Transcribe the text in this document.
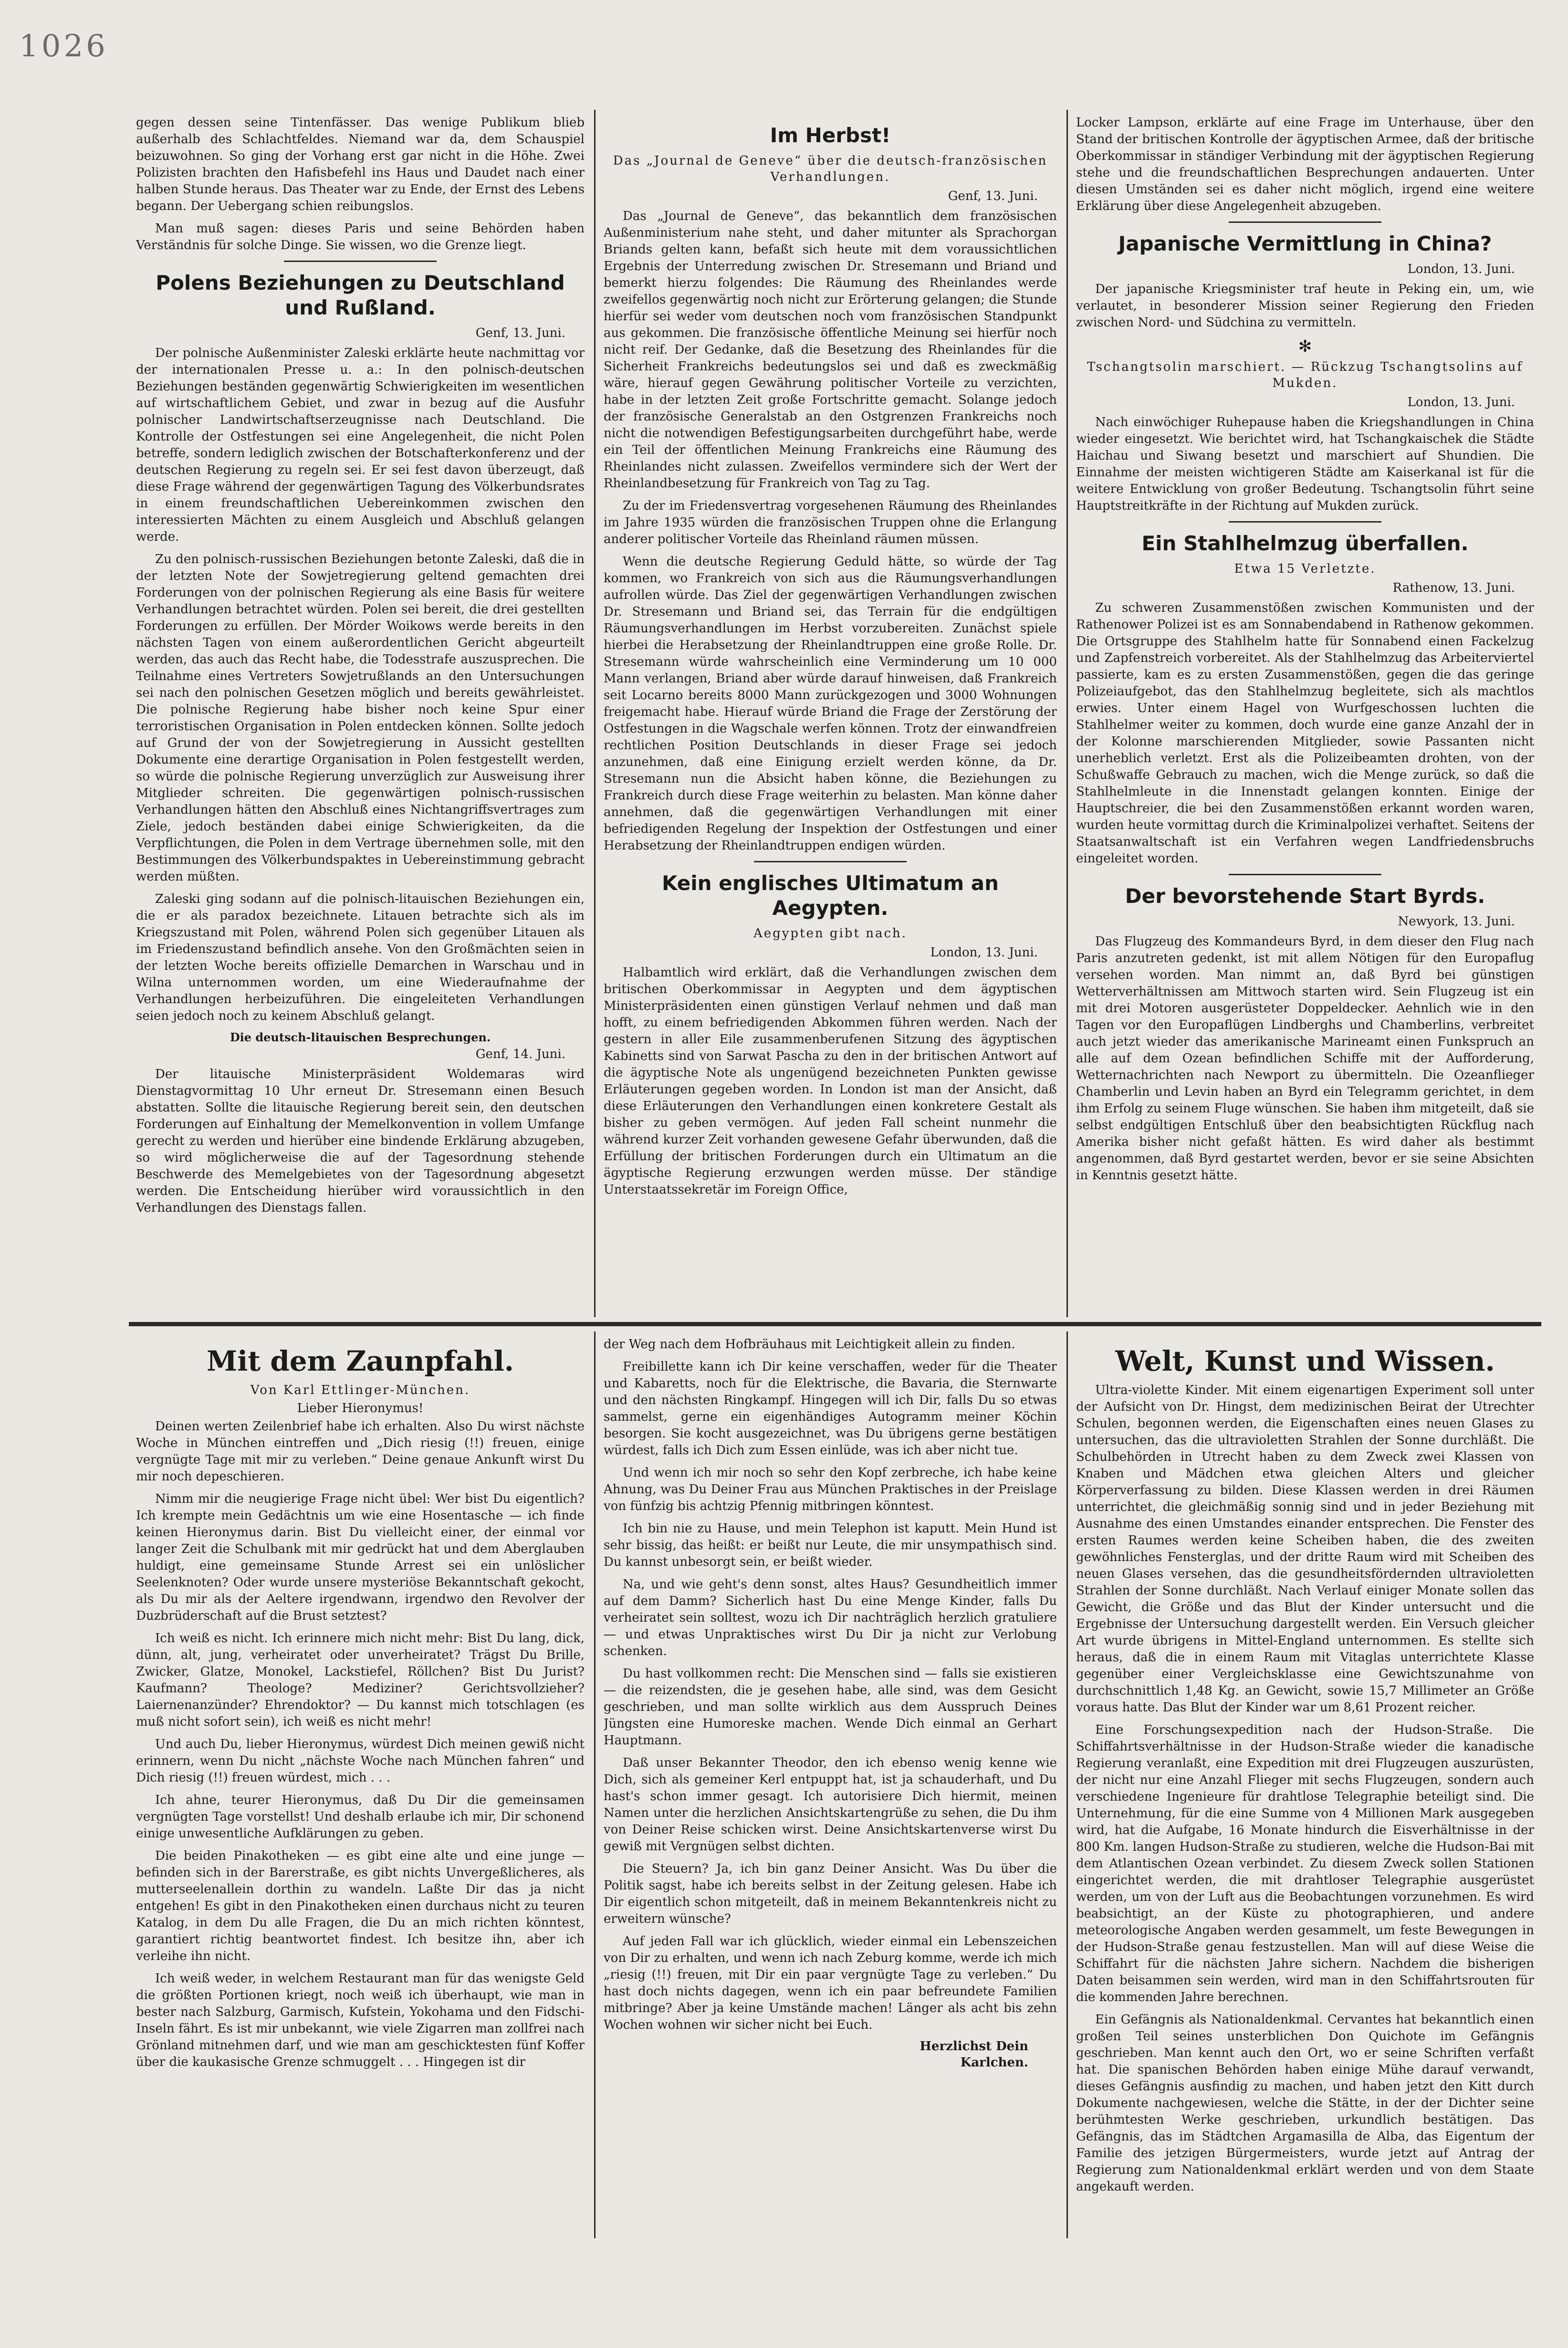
1026

gegen dessen seine Tintenfässer. Das wenige Publikum blieb außerhalb des Schlachtfeldes. Niemand war da, dem Schauspiel beizuwohnen. So ging der Vorhang erst gar nicht in die Höhe. Zwei Polizisten brachten den Hafisbefehl ins Haus und Daudet nach einer halben Stunde heraus. Das Theater war zu Ende, der Ernst des Lebens begann. Der Uebergang schien reibungslos.

Man muß sagen: dieses Paris und seine Behörden haben Verständnis für solche Dinge. Sie wissen, wo die Grenze liegt.

Polens Beziehungen zu Deutschland und Rußland.
Genf, 13. Juni.

Der polnische Außenminister Zaleski erklärte heute nachmittag vor der internationalen Presse u. a.: In den polnisch-deutschen Beziehungen beständen gegenwärtig Schwierigkeiten im wesentlichen auf wirtschaftlichem Gebiet, und zwar in bezug auf die Ausfuhr polnischer Landwirtschaftserzeugnisse nach Deutschland. Die Kontrolle der Ostfestungen sei eine Angelegenheit, die nicht Polen betreffe, sondern lediglich zwischen der Botschafterkonferenz und der deutschen Regierung zu regeln sei. Er sei fest davon überzeugt, daß diese Frage während der gegenwärtigen Tagung des Völkerbundsrates in einem freundschaftlichen Uebereinkommen zwischen den interessierten Mächten zu einem Ausgleich und Abschluß gelangen werde.

Zu den polnisch-russischen Beziehungen betonte Zaleski, daß die in der letzten Note der Sowjetregierung geltend gemachten drei Forderungen von der polnischen Regierung als eine Basis für weitere Verhandlungen betrachtet würden. Polen sei bereit, die drei gestellten Forderungen zu erfüllen. Der Mörder Woikows werde bereits in den nächsten Tagen von einem außerordentlichen Gericht abgeurteilt werden, das auch das Recht habe, die Todesstrafe auszusprechen. Die Teilnahme eines Vertreters Sowjetrußlands an den Untersuchungen sei nach den polnischen Gesetzen möglich und bereits gewährleistet. Die polnische Regierung habe bisher noch keine Spur einer terroristischen Organisation in Polen entdecken können. Sollte jedoch auf Grund der von der Sowjetregierung in Aussicht gestellten Dokumente eine derartige Organisation in Polen festgestellt werden, so würde die polnische Regierung unverzüglich zur Ausweisung ihrer Mitglieder schreiten. Die gegenwärtigen polnisch-russischen Verhandlungen hätten den Abschluß eines Nichtangriffsvertrages zum Ziele, jedoch beständen dabei einige Schwierigkeiten, da die Verpflichtungen, die Polen in dem Vertrage übernehmen solle, mit den Bestimmungen des Völkerbundspaktes in Uebereinstimmung gebracht werden müßten.

Zaleski ging sodann auf die polnisch-litauischen Beziehungen ein, die er als paradox bezeichnete. Litauen betrachte sich als im Kriegszustand mit Polen, während Polen sich gegenüber Litauen als im Friedenszustand befindlich ansehe. Von den Großmächten seien in der letzten Woche bereits offizielle Demarchen in Warschau und in Wilna unternommen worden, um eine Wiederaufnahme der Verhandlungen herbeizuführen. Die eingeleiteten Verhandlungen seien jedoch noch zu keinem Abschluß gelangt.

Die deutsch-litauischen Besprechungen.
Genf, 14. Juni.

Der litauische Ministerpräsident Woldemaras wird Dienstagvormittag 10 Uhr erneut Dr. Stresemann einen Besuch abstatten. Sollte die litauische Regierung bereit sein, den deutschen Forderungen auf Einhaltung der Memelkonvention in vollem Umfange gerecht zu werden und hierüber eine bindende Erklärung abzugeben, so wird möglicherweise die auf der Tagesordnung stehende Beschwerde des Memelgebietes von der Tagesordnung abgesetzt werden. Die Entscheidung hierüber wird voraussichtlich in den Verhandlungen des Dienstags fallen.

Im Herbst!
Das „Journal de Geneve“ über die deutsch-französischen Verhandlungen.
Genf, 13. Juni.

Das „Journal de Geneve“, das bekanntlich dem französischen Außenministerium nahe steht, und daher mitunter als Sprachorgan Briands gelten kann, befaßt sich heute mit dem voraussichtlichen Ergebnis der Unterredung zwischen Dr. Stresemann und Briand und bemerkt hierzu folgendes: Die Räumung des Rheinlandes werde zweifellos gegenwärtig noch nicht zur Erörterung gelangen; die Stunde hierfür sei weder vom deutschen noch vom französischen Standpunkt aus gekommen. Die französische öffentliche Meinung sei hierfür noch nicht reif. Der Gedanke, daß die Besetzung des Rheinlandes für die Sicherheit Frankreichs bedeutungslos sei und daß es zweckmäßig wäre, hierauf gegen Gewährung politischer Vorteile zu verzichten, habe in der letzten Zeit große Fortschritte gemacht. Solange jedoch der französische Generalstab an den Ostgrenzen Frankreichs noch nicht die notwendigen Befestigungsarbeiten durchgeführt habe, werde ein Teil der öffentlichen Meinung Frankreichs eine Räumung des Rheinlandes nicht zulassen. Zweifellos vermindere sich der Wert der Rheinlandbesetzung für Frankreich von Tag zu Tag.

Zu der im Friedensvertrag vorgesehenen Räumung des Rheinlandes im Jahre 1935 würden die französischen Truppen ohne die Erlangung anderer politischer Vorteile das Rheinland räumen müssen.

Wenn die deutsche Regierung Geduld hätte, so würde der Tag kommen, wo Frankreich von sich aus die Räumungsverhandlungen aufrollen würde. Das Ziel der gegenwärtigen Verhandlungen zwischen Dr. Stresemann und Briand sei, das Terrain für die endgültigen Räumungsverhandlungen im Herbst vorzubereiten. Zunächst spiele hierbei die Herabsetzung der Rheinlandtruppen eine große Rolle. Dr. Stresemann würde wahrscheinlich eine Verminderung um 10 000 Mann verlangen, Briand aber würde darauf hinweisen, daß Frankreich seit Locarno bereits 8000 Mann zurückgezogen und 3000 Wohnungen freigemacht habe. Hierauf würde Briand die Frage der Zerstörung der Ostfestungen in die Wagschale werfen können. Trotz der einwandfreien rechtlichen Position Deutschlands in dieser Frage sei jedoch anzunehmen, daß eine Einigung erzielt werden könne, da Dr. Stresemann nun die Absicht haben könne, die Beziehungen zu Frankreich durch diese Frage weiterhin zu belasten. Man könne daher annehmen, daß die gegenwärtigen Verhandlungen mit einer befriedigenden Regelung der Inspektion der Ostfestungen und einer Herabsetzung der Rheinlandtruppen endigen würden.

Kein englisches Ultimatum an Aegypten.
Aegypten gibt nach.
London, 13. Juni.

Halbamtlich wird erklärt, daß die Verhandlungen zwischen dem britischen Oberkommissar in Aegypten und dem ägyptischen Ministerpräsidenten einen günstigen Verlauf nehmen und daß man hofft, zu einem befriedigenden Abkommen führen werden. Nach der gestern in aller Eile zusammenberufenen Sitzung des ägyptischen Kabinetts sind von Sarwat Pascha zu den in der britischen Antwort auf die ägyptische Note als ungenügend bezeichneten Punkten gewisse Erläuterungen gegeben worden. In London ist man der Ansicht, daß diese Erläuterungen den Verhandlungen einen konkretere Gestalt als bisher zu geben vermögen. Auf jeden Fall scheint nunmehr die während kurzer Zeit vorhanden gewesene Gefahr überwunden, daß die Erfüllung der britischen Forderungen durch ein Ultimatum an die ägyptische Regierung erzwungen werden müsse. Der ständige Unterstaatssekretär im Foreign Office,

Locker Lampson, erklärte auf eine Frage im Unterhause, über den Stand der britischen Kontrolle der ägyptischen Armee, daß der britische Oberkommissar in ständiger Verbindung mit der ägyptischen Regierung stehe und die freundschaftlichen Besprechungen andauerten. Unter diesen Umständen sei es daher nicht möglich, irgend eine weitere Erklärung über diese Angelegenheit abzugeben.

Japanische Vermittlung in China?
London, 13. Juni.

Der japanische Kriegsminister traf heute in Peking ein, um, wie verlautet, in besonderer Mission seiner Regierung den Frieden zwischen Nord- und Südchina zu vermitteln.

✻
Tschangtsolin marschiert. — Rückzug Tschangtsolins auf Mukden.
London, 13. Juni.

Nach einwöchiger Ruhepause haben die Kriegshandlungen in China wieder eingesetzt. Wie berichtet wird, hat Tschangkaischek die Städte Haichau und Siwang besetzt und marschiert auf Shundien. Die Einnahme der meisten wichtigeren Städte am Kaiserkanal ist für die weitere Entwicklung von großer Bedeutung. Tschangtsolin führt seine Hauptstreitkräfte in der Richtung auf Mukden zurück.

Ein Stahlhelmzug überfallen.
Etwa 15 Verletzte.
Rathenow, 13. Juni.

Zu schweren Zusammenstößen zwischen Kommunisten und der Rathenower Polizei ist es am Sonnabendabend in Rathenow gekommen. Die Ortsgruppe des Stahlhelm hatte für Sonnabend einen Fackelzug und Zapfenstreich vorbereitet. Als der Stahlhelmzug das Arbeiterviertel passierte, kam es zu ersten Zusammenstößen, gegen die das geringe Polizeiaufgebot, das den Stahlhelmzug begleitete, sich als machtlos erwies. Unter einem Hagel von Wurfgeschossen luchten die Stahlhelmer weiter zu kommen, doch wurde eine ganze Anzahl der in der Kolonne marschierenden Mitglieder, sowie Passanten nicht unerheblich verletzt. Erst als die Polizeibeamten drohten, von der Schußwaffe Gebrauch zu machen, wich die Menge zurück, so daß die Stahlhelmleute in die Innenstadt gelangen konnten. Einige der Hauptschreier, die bei den Zusammenstößen erkannt worden waren, wurden heute vormittag durch die Kriminalpolizei verhaftet. Seitens der Staatsanwaltschaft ist ein Verfahren wegen Landfriedensbruchs eingeleitet worden.

Der bevorstehende Start Byrds.
Newyork, 13. Juni.

Das Flugzeug des Kommandeurs Byrd, in dem dieser den Flug nach Paris anzutreten gedenkt, ist mit allem Nötigen für den Europaflug versehen worden. Man nimmt an, daß Byrd bei günstigen Wetterverhältnissen am Mittwoch starten wird. Sein Flugzeug ist ein mit drei Motoren ausgerüsteter Doppeldecker. Aehnlich wie in den Tagen vor den Europaflügen Lindberghs und Chamberlins, verbreitet auch jetzt wieder das amerikanische Marineamt einen Funkspruch an alle auf dem Ozean befindlichen Schiffe mit der Aufforderung, Wetternachrichten nach Newport zu übermitteln. Die Ozeanflieger Chamberlin und Levin haben an Byrd ein Telegramm gerichtet, in dem ihm Erfolg zu seinem Fluge wünschen. Sie haben ihm mitgeteilt, daß sie selbst endgültigen Entschluß über den beabsichtigten Rückflug nach Amerika bisher nicht gefaßt hätten. Es wird daher als bestimmt angenommen, daß Byrd gestartet werden, bevor er sie seine Absichten in Kenntnis gesetzt hätte.

Mit dem Zaunpfahl.
Von Karl Ettlinger-München.
Lieber Hieronymus!

Deinen werten Zeilenbrief habe ich erhalten. Also Du wirst nächste Woche in München eintreffen und „Dich riesig (!!) freuen, einige vergnügte Tage mit mir zu verleben.“ Deine genaue Ankunft wirst Du mir noch depeschieren.

Nimm mir die neugierige Frage nicht übel: Wer bist Du eigentlich? Ich krempte mein Gedächtnis um wie eine Hosentasche — ich finde keinen Hieronymus darin. Bist Du vielleicht einer, der einmal vor langer Zeit die Schulbank mit mir gedrückt hat und dem Aberglauben huldigt, eine gemeinsame Stunde Arrest sei ein unlöslicher Seelenknoten? Oder wurde unsere mysteriöse Bekanntschaft gekocht, als Du mir als der Aeltere irgendwann, irgendwo den Revolver der Duzbrüderschaft auf die Brust setztest?

Ich weiß es nicht. Ich erinnere mich nicht mehr: Bist Du lang, dick, dünn, alt, jung, verheiratet oder unverheiratet? Trägst Du Brille, Zwicker, Glatze, Monokel, Lackstiefel, Röllchen? Bist Du Jurist? Kaufmann? Theologe? Mediziner? Gerichtsvollzieher? Laiernenanzünder? Ehrendoktor? — Du kannst mich totschlagen (es muß nicht sofort sein), ich weiß es nicht mehr!

Und auch Du, lieber Hieronymus, würdest Dich meinen gewiß nicht erinnern, wenn Du nicht „nächste Woche nach München fahren“ und Dich riesig (!!) freuen würdest, mich . . .

Ich ahne, teurer Hieronymus, daß Du Dir die gemeinsamen vergnügten Tage vorstellst! Und deshalb erlaube ich mir, Dir schonend einige unwesentliche Aufklärungen zu geben.

Die beiden Pinakotheken — es gibt eine alte und eine junge — befinden sich in der Barerstraße, es gibt nichts Unvergeßlicheres, als mutterseelenallein dorthin zu wandeln. Laßte Dir das ja nicht entgehen! Es gibt in den Pinakotheken einen durchaus nicht zu teuren Katalog, in dem Du alle Fragen, die Du an mich richten könntest, garantiert richtig beantwortet findest. Ich besitze ihn, aber ich verleihe ihn nicht.

Ich weiß weder, in welchem Restaurant man für das wenigste Geld die größten Portionen kriegt, noch weiß ich überhaupt, wie man in bester nach Salzburg, Garmisch, Kufstein, Yokohama und den Fidschi-Inseln fährt. Es ist mir unbekannt, wie viele Zigarren man zollfrei nach Grönland mitnehmen darf, und wie man am geschicktesten fünf Koffer über die kaukasische Grenze schmuggelt . . . Hingegen ist dir

der Weg nach dem Hofbräuhaus mit Leichtigkeit allein zu finden.

Freibillette kann ich Dir keine verschaffen, weder für die Theater und Kabaretts, noch für die Elektrische, die Bavaria, die Sternwarte und den nächsten Ringkampf. Hingegen will ich Dir, falls Du so etwas sammelst, gerne ein eigenhändiges Autogramm meiner Köchin besorgen. Sie kocht ausgezeichnet, was Du übrigens gerne bestätigen würdest, falls ich Dich zum Essen einlüde, was ich aber nicht tue.

Und wenn ich mir noch so sehr den Kopf zerbreche, ich habe keine Ahnung, was Du Deiner Frau aus München Praktisches in der Preislage von fünfzig bis achtzig Pfennig mitbringen könntest.

Ich bin nie zu Hause, und mein Telephon ist kaputt. Mein Hund ist sehr bissig, das heißt: er beißt nur Leute, die mir unsympathisch sind. Du kannst unbesorgt sein, er beißt wieder.

Na, und wie geht's denn sonst, altes Haus? Gesundheitlich immer auf dem Damm? Sicherlich hast Du eine Menge Kinder, falls Du verheiratet sein solltest, wozu ich Dir nachträglich herzlich gratuliere — und etwas Unpraktisches wirst Du Dir ja nicht zur Verlobung schenken.

Du hast vollkommen recht: Die Menschen sind — falls sie existieren — die reizendsten, die je gesehen habe, alle sind, was dem Gesicht geschrieben, und man sollte wirklich aus dem Ausspruch Deines Jüngsten eine Humoreske machen. Wende Dich einmal an Gerhart Hauptmann.

Daß unser Bekannter Theodor, den ich ebenso wenig kenne wie Dich, sich als gemeiner Kerl entpuppt hat, ist ja schauderhaft, und Du hast's schon immer gesagt. Ich autorisiere Dich hiermit, meinen Namen unter die herzlichen Ansichtskartengrüße zu sehen, die Du ihm von Deiner Reise schicken wirst. Deine Ansichtskartenverse wirst Du gewiß mit Vergnügen selbst dichten.

Die Steuern? Ja, ich bin ganz Deiner Ansicht. Was Du über die Politik sagst, habe ich bereits selbst in der Zeitung gelesen. Habe ich Dir eigentlich schon mitgeteilt, daß in meinem Bekanntenkreis nicht zu erweitern wünsche?

Auf jeden Fall war ich glücklich, wieder einmal ein Lebenszeichen von Dir zu erhalten, und wenn ich nach Zeburg komme, werde ich mich „riesig (!!) freuen, mit Dir ein paar vergnügte Tage zu verleben.“ Du hast doch nichts dagegen, wenn ich ein paar befreundete Familien mitbringe? Aber ja keine Umstände machen! Länger als acht bis zehn Wochen wohnen wir sicher nicht bei Euch.

Herzlichst Dein
Karlchen.
Welt, Kunst und Wissen.

Ultra-violette Kinder. Mit einem eigenartigen Experiment soll unter der Aufsicht von Dr. Hingst, dem medizinischen Beirat der Utrechter Schulen, begonnen werden, die Eigenschaften eines neuen Glases zu untersuchen, das die ultravioletten Strahlen der Sonne durchläßt. Die Schulbehörden in Utrecht haben zu dem Zweck zwei Klassen von Knaben und Mädchen etwa gleichen Alters und gleicher Körperverfassung zu bilden. Diese Klassen werden in drei Räumen unterrichtet, die gleichmäßig sonnig sind und in jeder Beziehung mit Ausnahme des einen Umstandes einander entsprechen. Die Fenster des ersten Raumes werden keine Scheiben haben, die des zweiten gewöhnliches Fensterglas, und der dritte Raum wird mit Scheiben des neuen Glases versehen, das die gesundheitsfördernden ultravioletten Strahlen der Sonne durchläßt. Nach Verlauf einiger Monate sollen das Gewicht, die Größe und das Blut der Kinder untersucht und die Ergebnisse der Untersuchung dargestellt werden. Ein Versuch gleicher Art wurde übrigens in Mittel-England unternommen. Es stellte sich heraus, daß die in einem Raum mit Vitaglas unterrichtete Klasse gegenüber einer Vergleichsklasse eine Gewichtszunahme von durchschnittlich 1,48 Kg. an Gewicht, sowie 15,7 Millimeter an Größe voraus hatte. Das Blut der Kinder war um 8,61 Prozent reicher.

Eine Forschungsexpedition nach der Hudson-Straße. Die Schiffahrtsverhältnisse in der Hudson-Straße wieder die kanadische Regierung veranlaßt, eine Expedition mit drei Flugzeugen auszurüsten, der nicht nur eine Anzahl Flieger mit sechs Flugzeugen, sondern auch verschiedene Ingenieure für drahtlose Telegraphie beteiligt sind. Die Unternehmung, für die eine Summe von 4 Millionen Mark ausgegeben wird, hat die Aufgabe, 16 Monate hindurch die Eisverhältnisse in der 800 Km. langen Hudson-Straße zu studieren, welche die Hudson-Bai mit dem Atlantischen Ozean verbindet. Zu diesem Zweck sollen Stationen eingerichtet werden, die mit drahtloser Telegraphie ausgerüstet werden, um von der Luft aus die Beobachtungen vorzunehmen. Es wird beabsichtigt, an der Küste zu photographieren, und andere meteorologische Angaben werden gesammelt, um feste Bewegungen in der Hudson-Straße genau festzustellen. Man will auf diese Weise die Schiffahrt für die nächsten Jahre sichern. Nachdem die bisherigen Daten beisammen sein werden, wird man in den Schiffahrtsrouten für die kommenden Jahre berechnen.

Ein Gefängnis als Nationaldenkmal. Cervantes hat bekanntlich einen großen Teil seines unsterblichen Don Quichote im Gefängnis geschrieben. Man kennt auch den Ort, wo er seine Schriften verfaßt hat. Die spanischen Behörden haben einige Mühe darauf verwandt, dieses Gefängnis ausfindig zu machen, und haben jetzt den Kitt durch Dokumente nachgewiesen, welche die Stätte, in der der Dichter seine berühmtesten Werke geschrieben, urkundlich bestätigen. Das Gefängnis, das im Städtchen Argamasilla de Alba, das Eigentum der Familie des jetzigen Bürgermeisters, wurde jetzt auf Antrag der Regierung zum Nationaldenkmal erklärt werden und von dem Staate angekauft werden.
